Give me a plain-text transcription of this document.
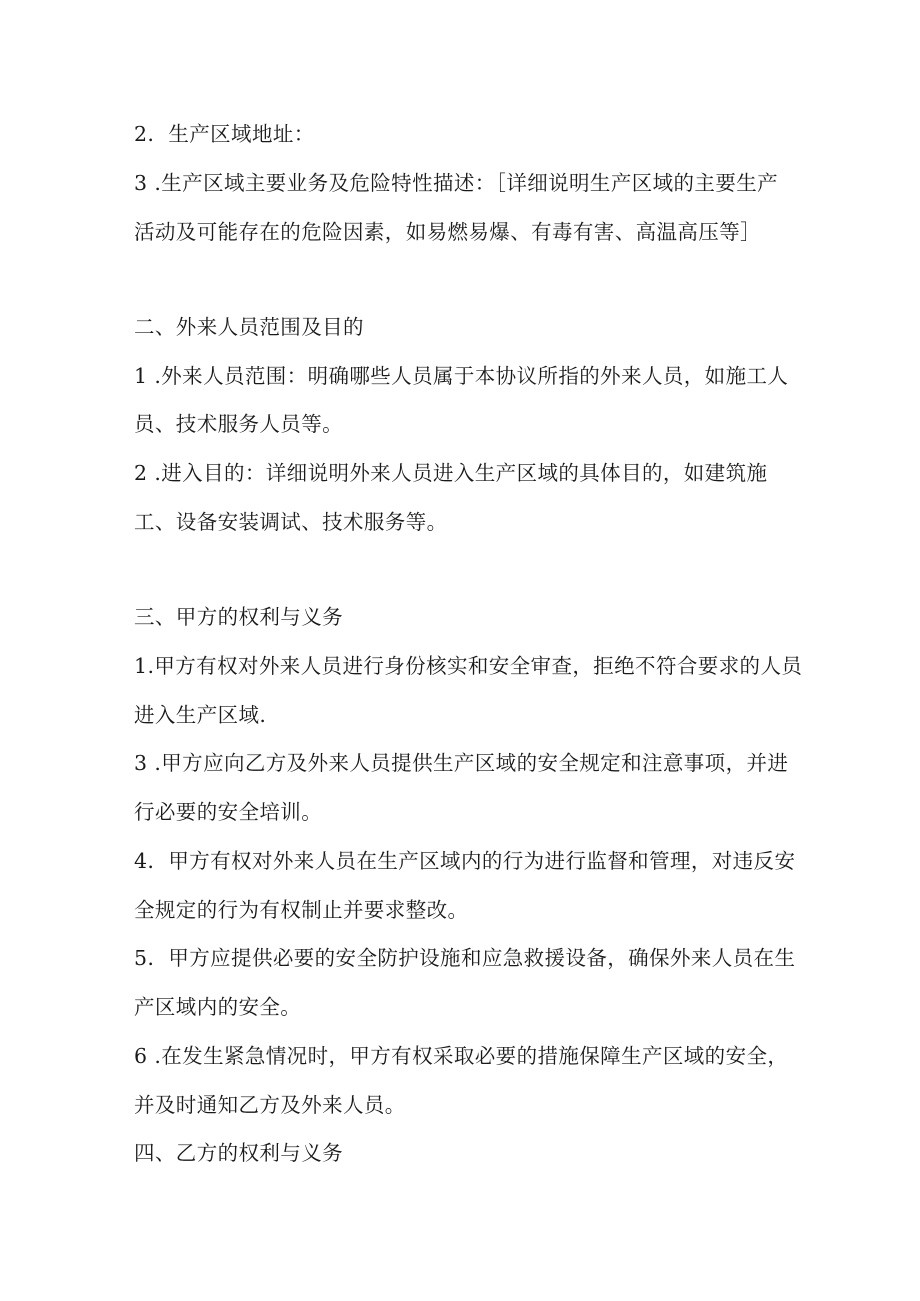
2．生产区域地址：
3 .生产区域主要业务及危险特性描述：［详细说明生产区域的主要生产
活动及可能存在的危险因素，如易燃易爆、有毒有害、高温高压等］
二、外来人员范围及目的
1 .外来人员范围：明确哪些人员属于本协议所指的外来人员，如施工人
员、技术服务人员等。
2 .进入目的：详细说明外来人员进入生产区域的具体目的，如建筑施
工、设备安装调试、技术服务等。
三、甲方的权利与义务
1.甲方有权对外来人员进行身份核实和安全审查，拒绝不符合要求的人员
进入生产区域.
3 .甲方应向乙方及外来人员提供生产区域的安全规定和注意事项，并进
行必要的安全培训。
4．甲方有权对外来人员在生产区域内的行为进行监督和管理，对违反安
全规定的行为有权制止并要求整改。
5．甲方应提供必要的安全防护设施和应急救援设备，确保外来人员在生
产区域内的安全。
6 .在发生紧急情况时，甲方有权采取必要的措施保障生产区域的安全，
并及时通知乙方及外来人员。
四、乙方的权利与义务
